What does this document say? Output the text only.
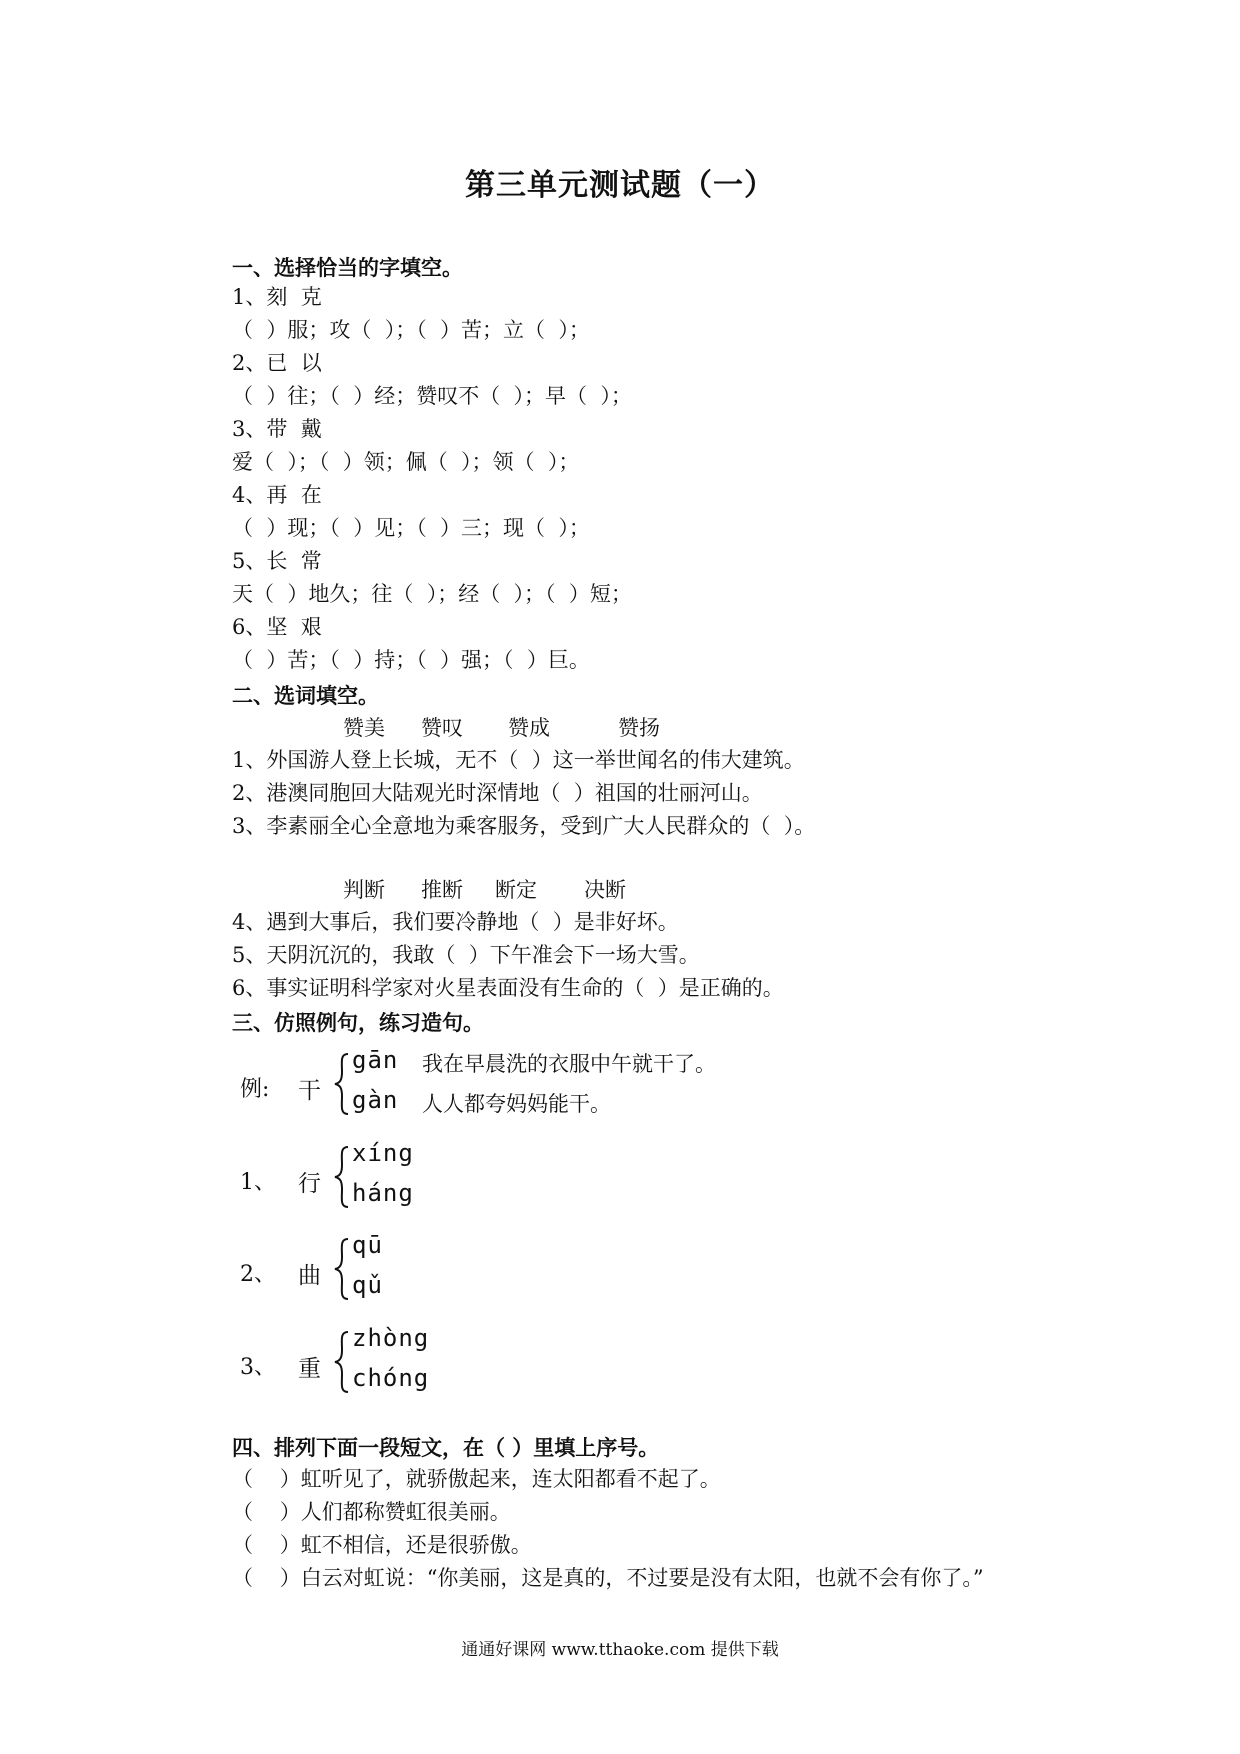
第三单元测试题（一）
一、选择恰当的字填空。
1、刻  克
（  ）服；攻（  ）；（  ）苦；立（  ）；
2、已  以
（  ）往；（  ）经；赞叹不（  ）；早（  ）；
3、带  戴
爱（  ）；（  ）领；佩（  ）；领（  ）；
4、再  在
（  ）现；（  ）见；（  ）三；现（  ）；
5、长  常
天（  ）地久；往（  ）；经（  ）；（  ）短；
6、坚  艰
（  ）苦；（  ）持；（  ）强；（  ）巨。
二、选词填空。
赞美 赞叹 赞成	赞扬
1、外国游人登上长城，无不（  ）这一举世闻名的伟大建筑。
2、港澳同胞回大陆观光时深情地（  ）祖国的壮丽河山。
3、李素丽全心全意地为乘客服务，受到广大人民群众的（  ）。
判断 推断 断定 决断
4、遇到大事后，我们要冷静地（  ）是非好坏。
5、天阴沉沉的，我敢（  ）下午准会下一场大雪。
6、事实证明科学家对火星表面没有生命的（  ）是正确的。
三、仿照例句，练习造句。
例: 干
gān 我在早晨洗的衣服中午就干了。
gàn 人人都夸妈妈能干。
1、 行
xíng
háng
2、 曲
qū
qǔ
3、 重
zhòng
chóng
四、排列下面一段短文，在（ ）里填上序号。
（    ）虹听见了，就骄傲起来，连太阳都看不起了。
（    ）人们都称赞虹很美丽。
（    ）虹不相信，还是很骄傲。
（    ）白云对虹说：“你美丽，这是真的，不过要是没有太阳，也就不会有你了。”
通通好课网 www.tthaoke.com 提供下载
